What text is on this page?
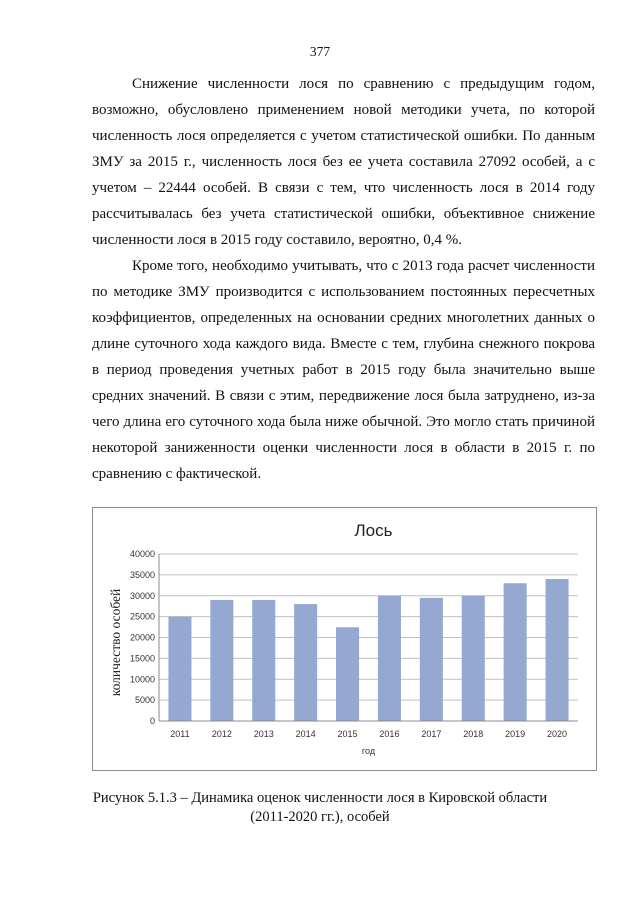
377

Снижение численности лося по сравнению с предыдущим годом, возможно, обусловлено применением новой методики учета, по которой численность лося определяется с учетом статистической ошибки. По данным ЗМУ за 2015 г., численность лося без ее учета составила 27092 особей, а с учетом – 22444 особей. В связи с тем, что численность лося в 2014 году рассчитывалась без учета статистической ошибки, объективное снижение численности лося в 2015 году составило, вероятно, 0,4 %.

Кроме того, необходимо учитывать, что с 2013 года расчет численности по методике ЗМУ производится с использованием постоянных пересчетных коэффициентов, определенных на основании средних многолетних данных о длине суточного хода каждого вида. Вместе с тем, глубина снежного покрова в период проведения учетных работ в 2015 году была значительно выше средних значений. В связи с этим, передвижение лося была затруднено, из-за чего длина его суточного хода была ниже обычной. Это могло стать причиной некоторой заниженности оценки численности лося в области в 2015 г. по сравнению с фактической.

Лось
0
5000
10000
15000
20000
25000
30000
35000
40000
2011 2012 2013 2014 2015 2016 2017 2018 2019 2020
год
количество особей
Рисунок 5.1.3 – Динамика оценок численности лося в Кировской области
(2011-2020 гг.), особей
